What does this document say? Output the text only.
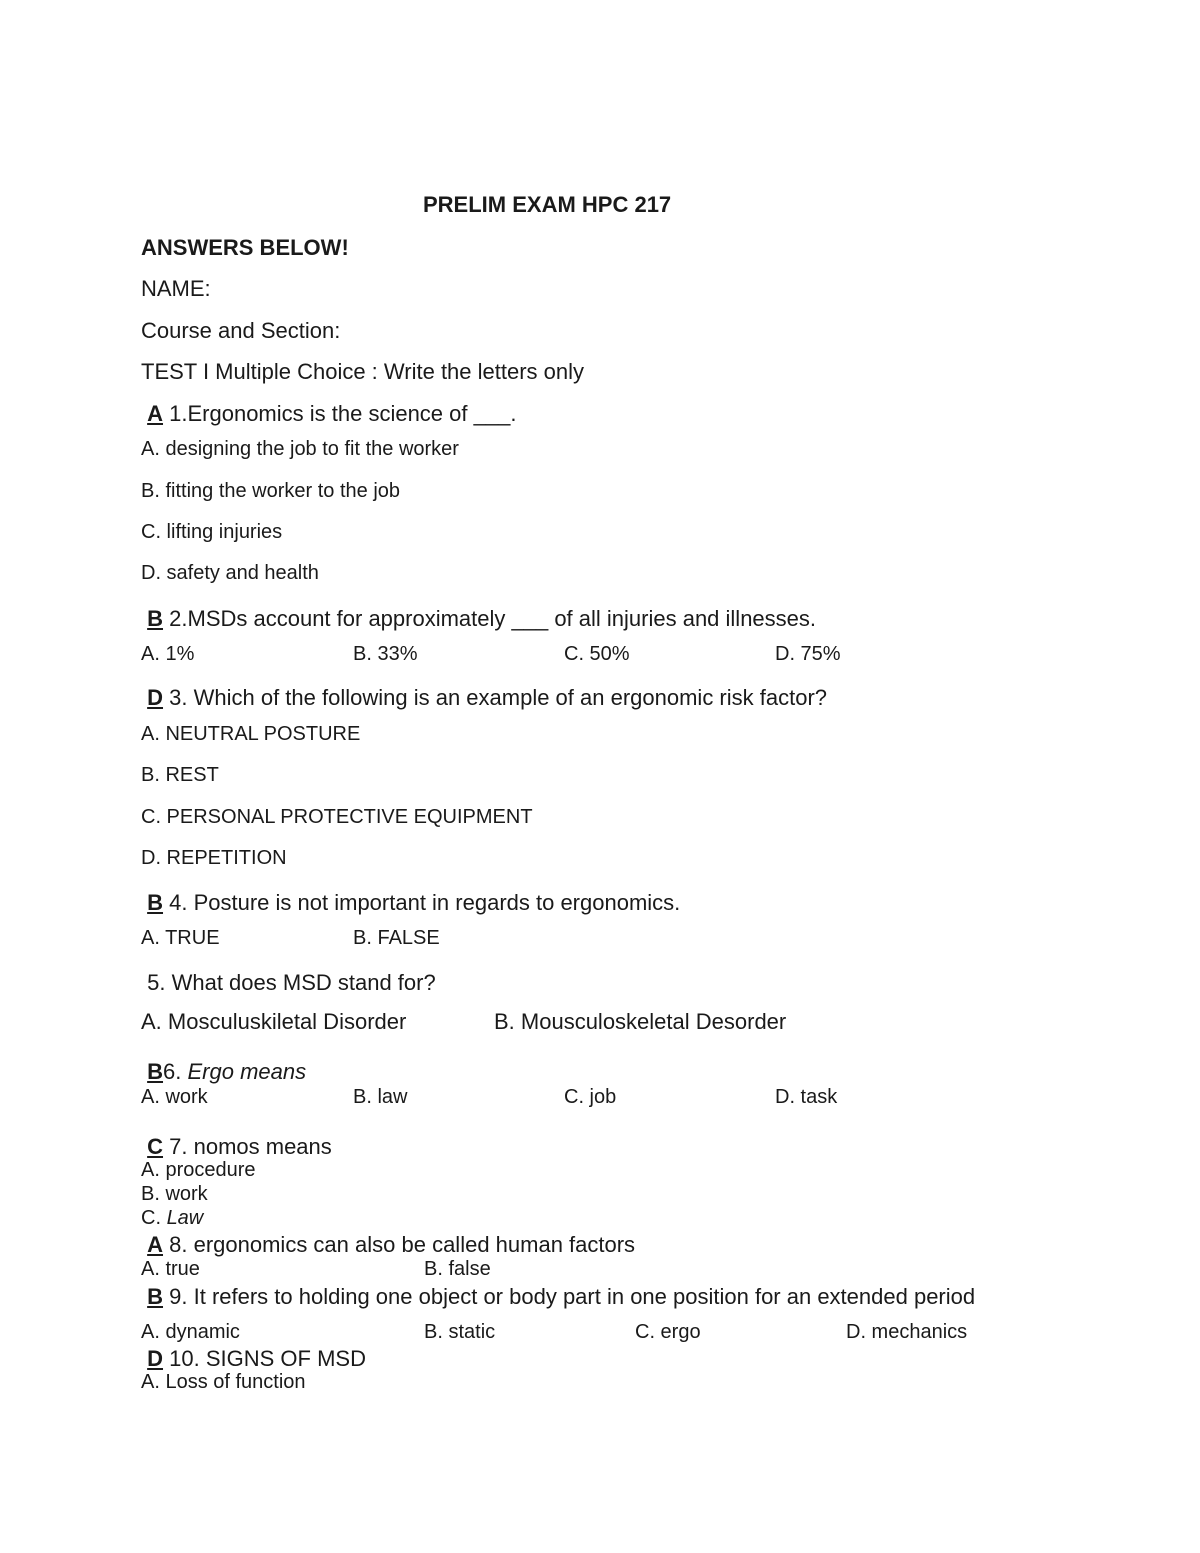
PRELIM EXAM HPC 217
ANSWERS BELOW!
NAME:
Course and Section:
TEST I Multiple Choice : Write the letters only
A 1.Ergonomics is the science of ___.
A. designing the job to fit the worker
B. fitting the worker to the job
C. lifting injuries
D. safety and health
B 2.MSDs account for approximately ___ of all injuries and illnesses.
A. 1%	B. 33%	C. 50%	D. 75%
D 3. Which of the following is an example of an ergonomic risk factor?
A. NEUTRAL POSTURE
B. REST
C. PERSONAL PROTECTIVE EQUIPMENT
D. REPETITION
B 4. Posture is not important in regards to ergonomics.
A. TRUE	B. FALSE
5. What does MSD stand for?
A. Mosculuskiletal Disorder	B. Mousculoskeletal Desorder
B6. Ergo means
A. work	B. law	C. job	D. task
C 7. nomos means
A. procedure
B. work
C. Law
A 8. ergonomics can also be called human factors
A. true	B. false
B 9. It refers to holding one object or body part in one position for an extended period
A. dynamic	B. static	C. ergo	D. mechanics
D 10. SIGNS OF MSD
A. Loss of function
